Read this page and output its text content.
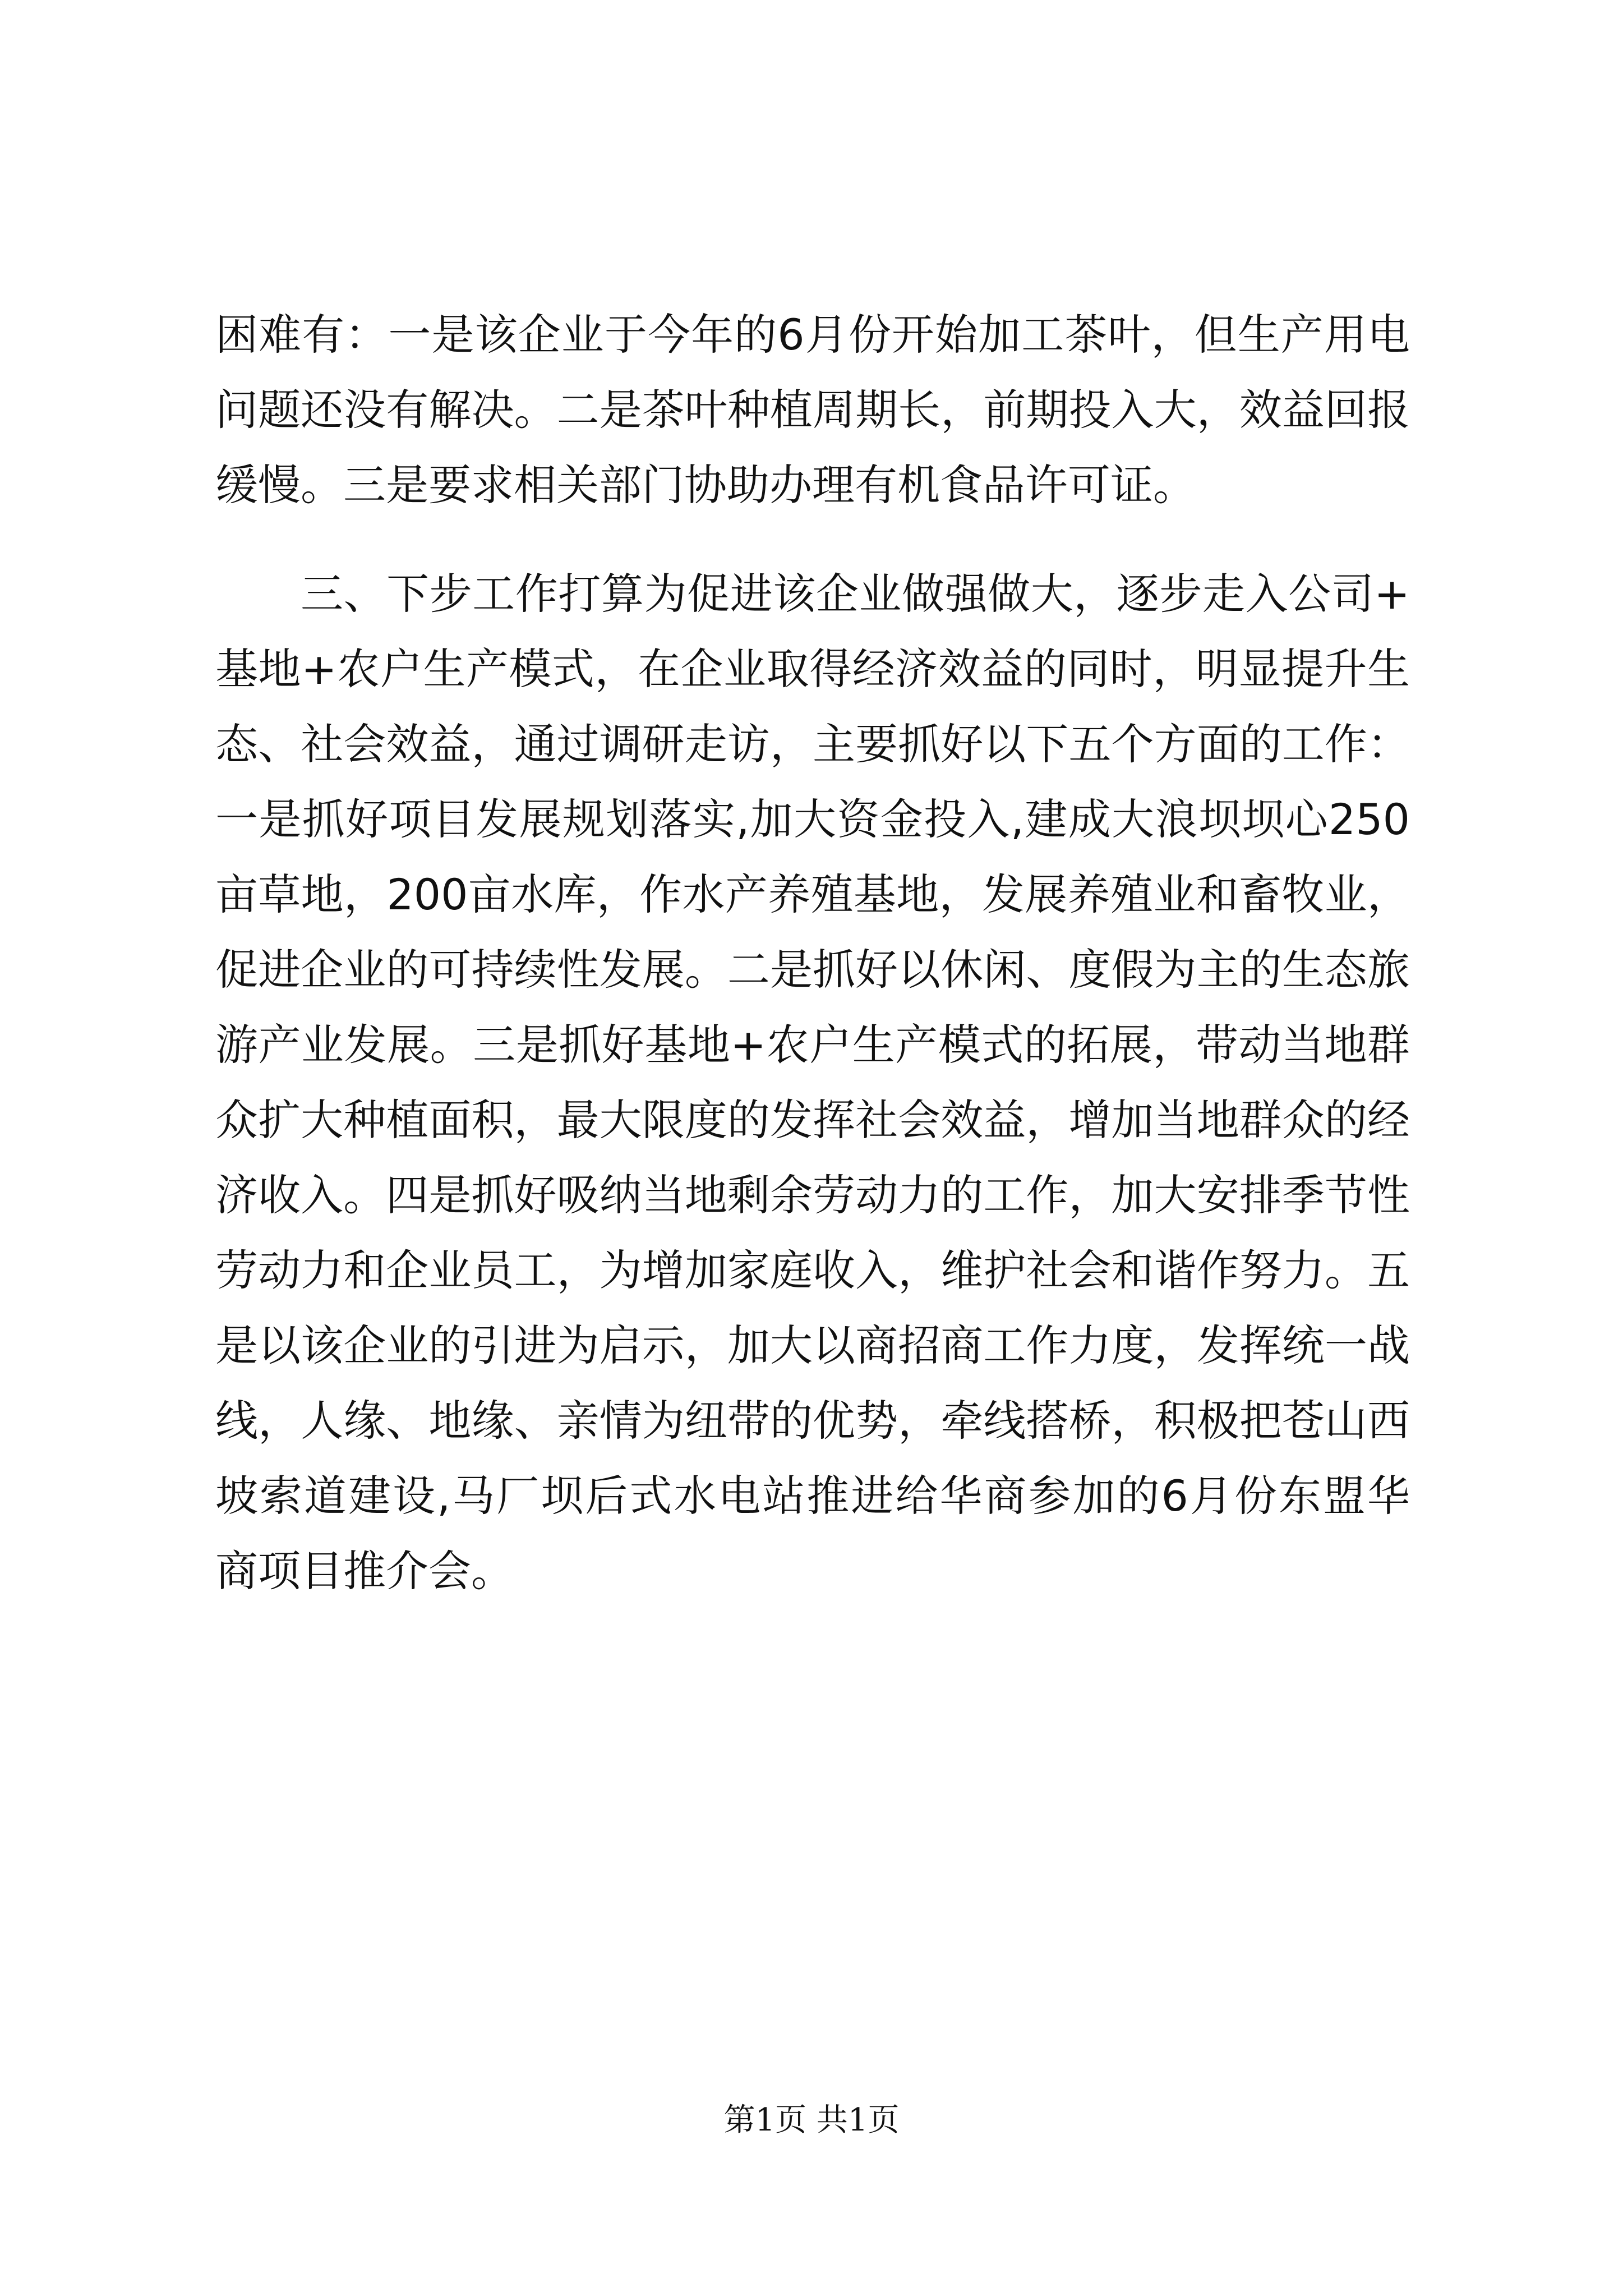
困难有：一是该企业于今年的6月份开始加工茶叶，但生产用电
问题还没有解决。二是茶叶种植周期长，前期投入大，效益回报
缓慢。三是要求相关部门协助办理有机食品许可证。
三、下步工作打算为促进该企业做强做大，逐步走入公司+
基地+农户生产模式，在企业取得经济效益的同时，明显提升生
态、社会效益，通过调研走访，主要抓好以下五个方面的工作：
一是抓好项目发展规划落实,加大资金投入,建成大浪坝坝心250
亩草地，200亩水库，作水产养殖基地，发展养殖业和畜牧业，
促进企业的可持续性发展。二是抓好以休闲、度假为主的生态旅
游产业发展。三是抓好基地+农户生产模式的拓展，带动当地群
众扩大种植面积，最大限度的发挥社会效益，增加当地群众的经
济收入。四是抓好吸纳当地剩余劳动力的工作，加大安排季节性
劳动力和企业员工，为增加家庭收入，维护社会和谐作努力。五
是以该企业的引进为启示，加大以商招商工作力度，发挥统一战
线，人缘、地缘、亲情为纽带的优势，牵线搭桥，积极把苍山西
坡索道建设,马厂坝后式水电站推进给华商参加的6月份东盟华
商项目推介会。
第1页 共1页
